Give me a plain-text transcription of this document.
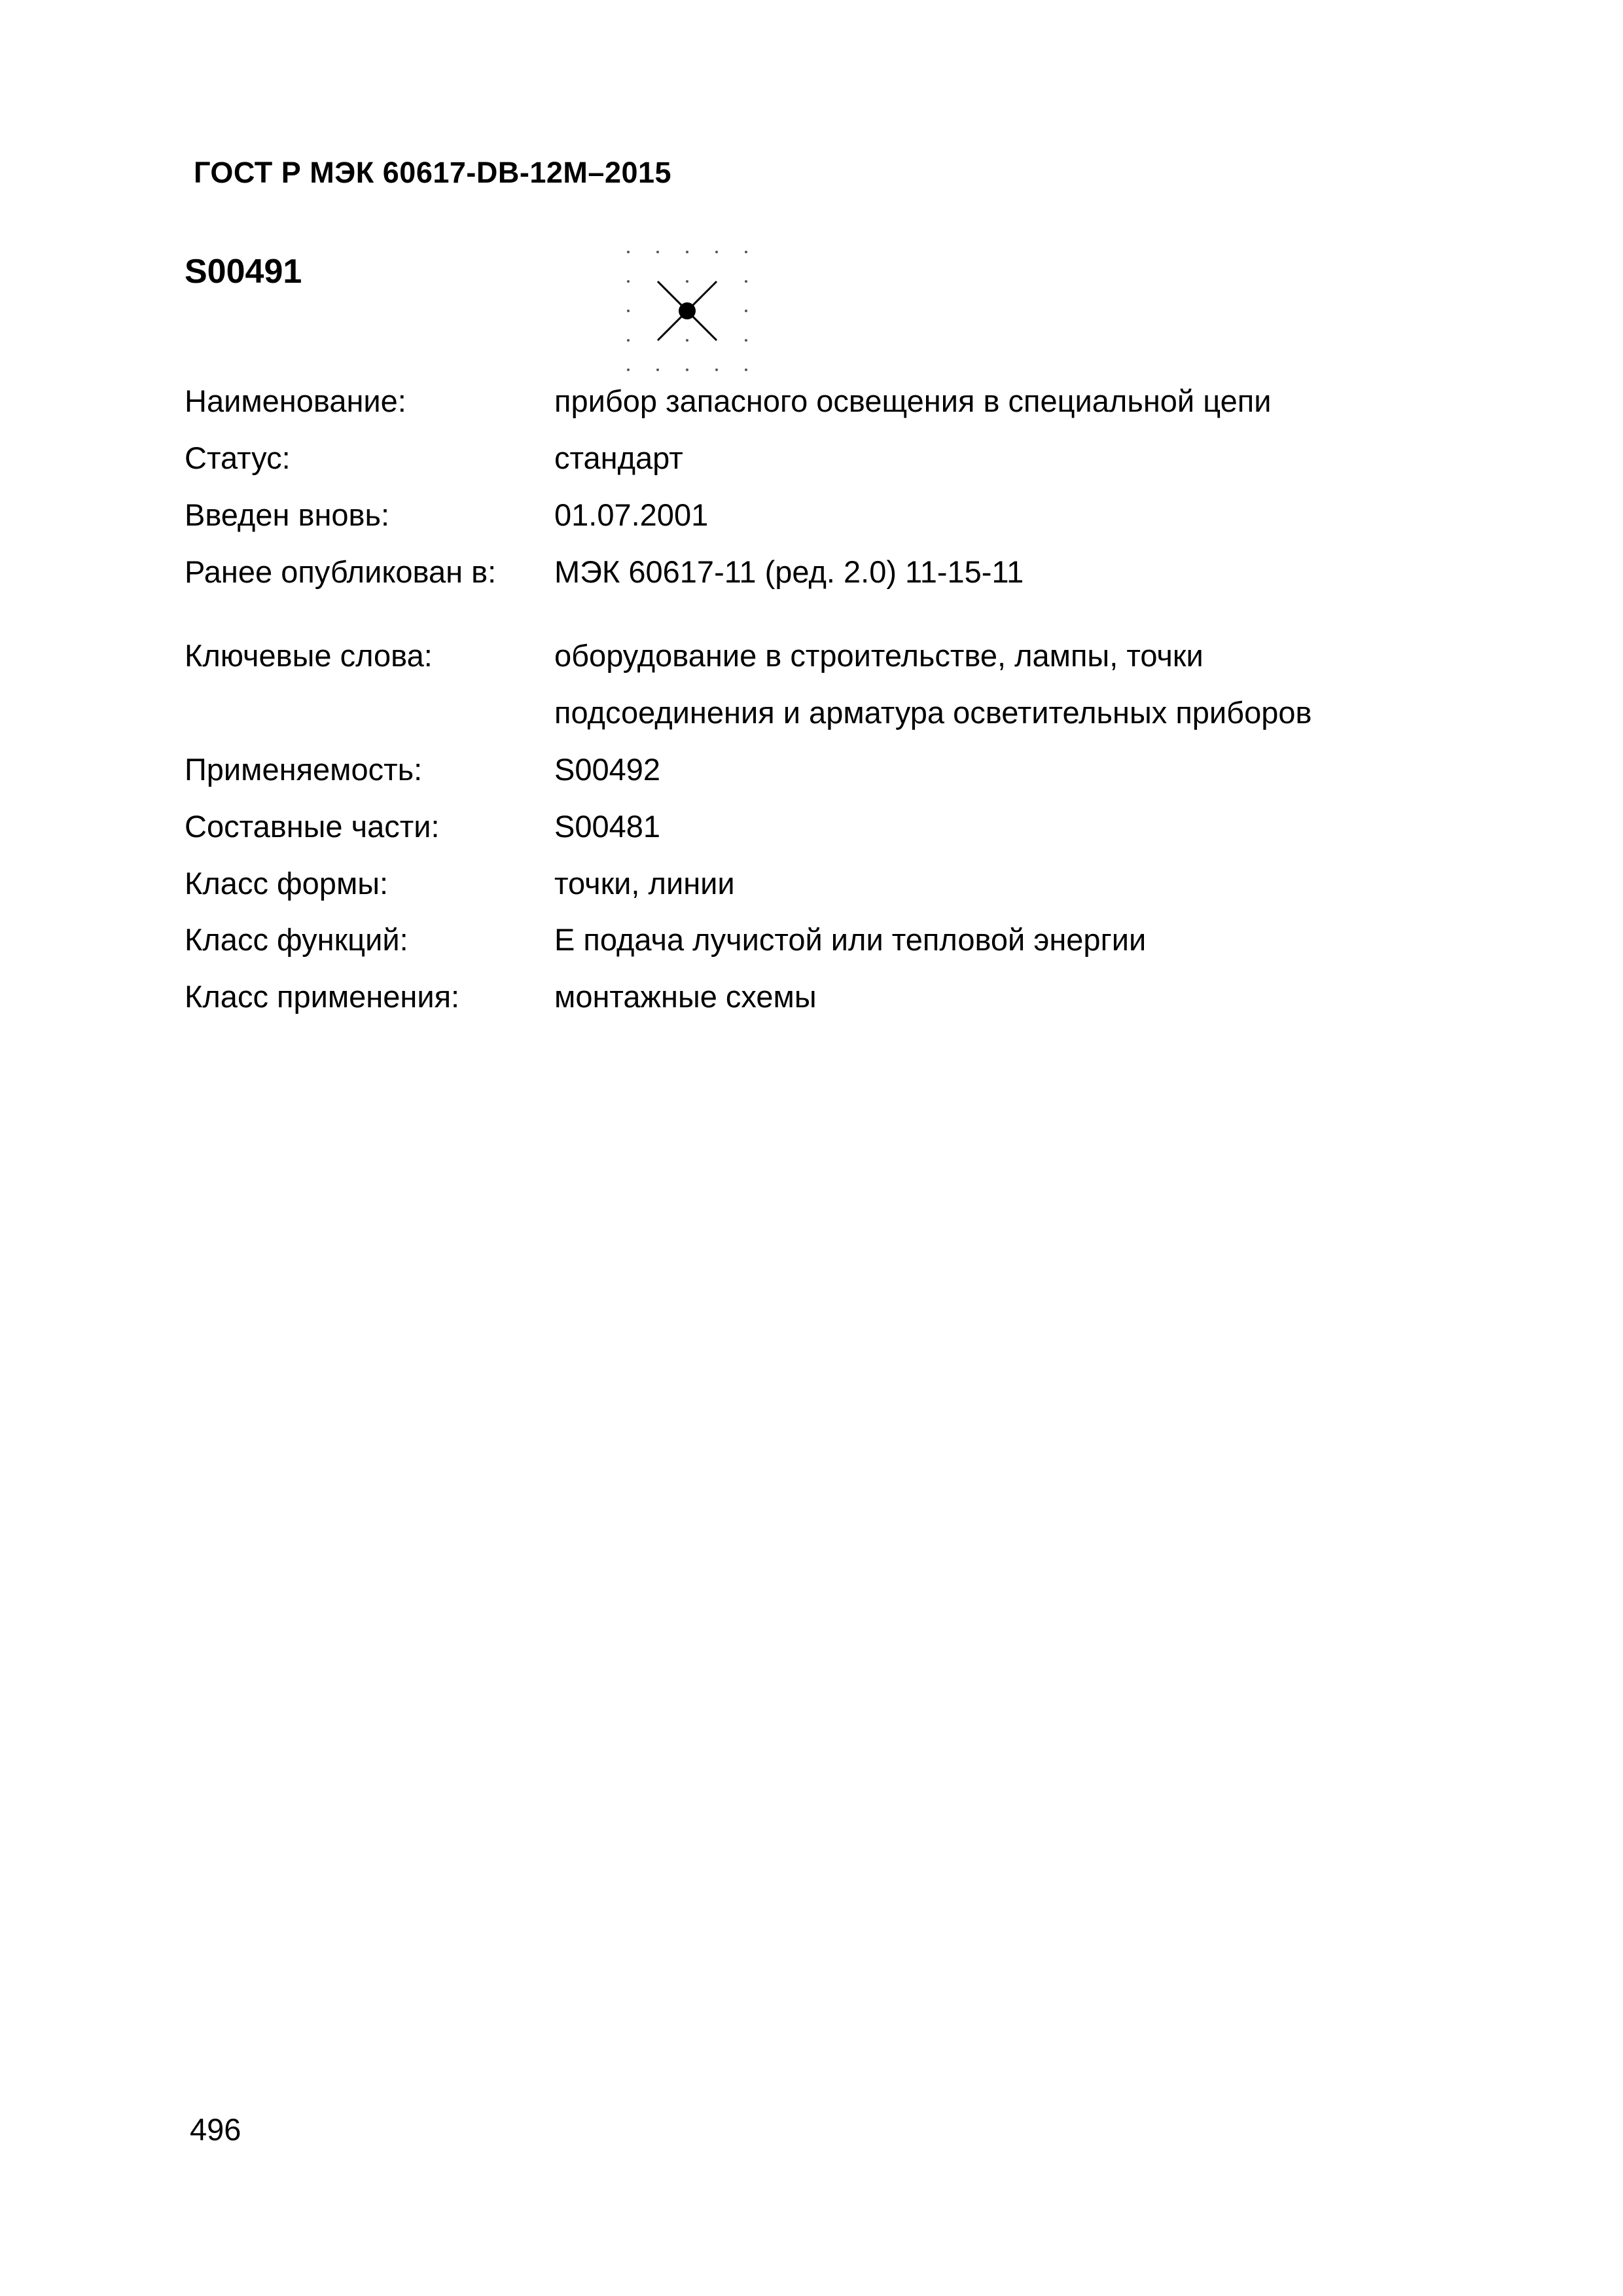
ГОСТ Р МЭК 60617-DB-12M–2015
S00491
Наименование:	прибор запасного освещения в специальной цепи
Статус:	стандарт
Введен вновь:	01.07.2001
Ранее опубликован в: МЭК 60617-11 (ред. 2.0) 11-15-11
Ключевые слова:	оборудование в строительстве, лампы, точки
подсоединения и арматура осветительных приборов
Применяемость:	S00492
Составные части:	S00481
Класс формы:	точки, линии
Класс функций:	E подача лучистой или тепловой энергии
Класс применения:	монтажные схемы
496
